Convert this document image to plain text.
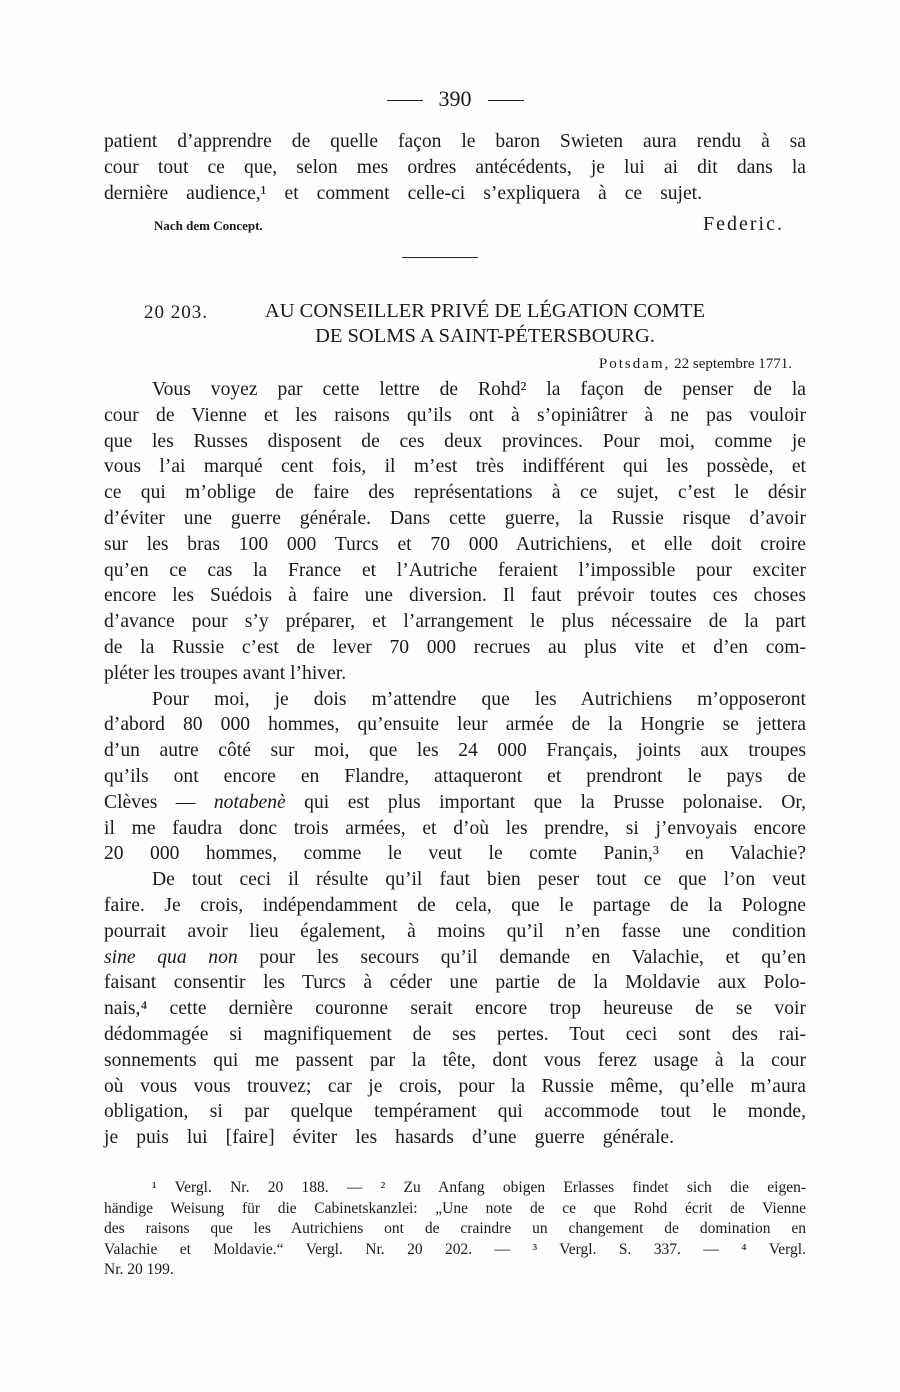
390
patient d’apprendre de quelle façon le baron Swieten aura rendu à sa
cour tout ce que, selon mes ordres antécédents, je lui ai dit dans la
dernière audience,¹ et comment celle-ci s’expliquera à ce sujet.
Nach dem Concept.	Federic.
20 203.	AU CONSEILLER PRIVÉ DE LÉGATION COMTE
DE SOLMS A SAINT-PÉTERSBOURG.
Potsdam, 22 septembre 1771.
Vous voyez par cette lettre de Rohd² la façon de penser de la
cour de Vienne et les raisons qu’ils ont à s’opiniâtrer à ne pas vouloir
que les Russes disposent de ces deux provinces. Pour moi, comme je
vous l’ai marqué cent fois, il m’est très indifférent qui les possède, et
ce qui m’oblige de faire des représentations à ce sujet, c’est le désir
d’éviter une guerre générale. Dans cette guerre, la Russie risque d’avoir
sur les bras 100 000 Turcs et 70 000 Autrichiens, et elle doit croire
qu’en ce cas la France et l’Autriche feraient l’impossible pour exciter
encore les Suédois à faire une diversion. Il faut prévoir toutes ces choses
d’avance pour s’y préparer, et l’arrangement le plus nécessaire de la part
de la Russie c’est de lever 70 000 recrues au plus vite et d’en com-
pléter les troupes avant l’hiver.
Pour moi, je dois m’attendre que les Autrichiens m’opposeront
d’abord 80 000 hommes, qu’ensuite leur armée de la Hongrie se jettera
d’un autre côté sur moi, que les 24 000 Français, joints aux troupes
qu’ils ont encore en Flandre, attaqueront et prendront le pays de
Clèves — notabenè qui est plus important que la Prusse polonaise. Or,
il me faudra donc trois armées, et d’où les prendre, si j’envoyais encore
20 000 hommes, comme le veut le comte Panin,³ en Valachie?
De tout ceci il résulte qu’il faut bien peser tout ce que l’on veut
faire. Je crois, indépendamment de cela, que le partage de la Pologne
pourrait avoir lieu également, à moins qu’il n’en fasse une condition
sine qua non pour les secours qu’il demande en Valachie, et qu’en
faisant consentir les Turcs à céder une partie de la Moldavie aux Polo-
nais,⁴ cette dernière couronne serait encore trop heureuse de se voir
dédommagée si magnifiquement de ses pertes. Tout ceci sont des rai-
sonnements qui me passent par la tête, dont vous ferez usage à la cour
où vous vous trouvez; car je crois, pour la Russie même, qu’elle m’aura
obligation, si par quelque tempérament qui accommode tout le monde,
je puis lui [faire] éviter les hasards d’une guerre générale.
¹ Vergl. Nr. 20 188. — ² Zu Anfang obigen Erlasses findet sich die eigen-
händige Weisung für die Cabinetskanzlei: „Une note de ce que Rohd écrit de Vienne
des raisons que les Autrichiens ont de craindre un changement de domination en
Valachie et Moldavie.“ Vergl. Nr. 20 202. — ³ Vergl. S. 337. — ⁴ Vergl.
Nr. 20 199.
